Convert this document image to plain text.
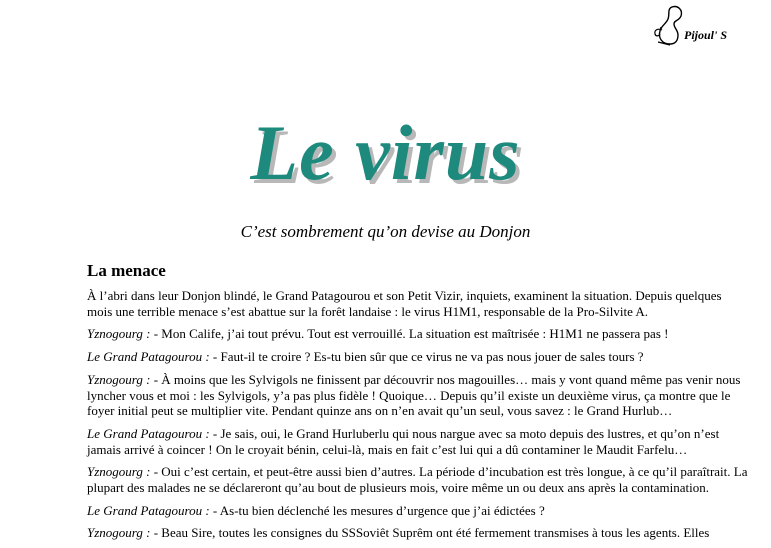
Pijoul' S
Le virus
C’est sombrement qu’on devise au Donjon
La menace

À l’abri dans leur Donjon blindé, le Grand Patagourou et son Petit Vizir, inquiets, examinent la situation. Depuis quelques mois une terrible menace s’est abattue sur la forêt landaise : le virus H1M1, responsable de la Pro-Silvite A.

Yznogourg : - Mon Calife, j’ai tout prévu. Tout est verrouillé. La situation est maîtrisée : H1M1 ne passera pas !

Le Grand Patagourou : - Faut-il te croire ? Es-tu bien sûr que ce virus ne va pas nous jouer de sales tours ?

Yznogourg : - À moins que les Sylvigols ne finissent par découvrir nos magouilles… mais y vont quand même pas venir nous lyncher vous et moi : les Sylvigols, y’a pas plus fidèle ! Quoique… Depuis qu’il existe un deuxième virus, ça montre que le foyer initial peut se multiplier vite. Pendant quinze ans on n’en avait qu’un seul, vous savez : le Grand Hurlub…

Le Grand Patagourou : - Je sais, oui, le Grand Hurluberlu qui nous nargue avec sa moto depuis des lustres, et qu’on n’est jamais arrivé à coincer ! On le croyait bénin, celui-là, mais en fait c’est lui qui a dû contaminer le Maudit Farfelu…

Yznogourg : - Oui c’est certain, et peut-être aussi bien d’autres. La période d’incubation est très longue, à ce qu’il paraîtrait. La plupart des malades ne se déclareront qu’au bout de plusieurs mois, voire même un ou deux ans après la contamination.

Le Grand Patagourou : - As-tu bien déclenché les mesures d’urgence que j’ai édictées ?

Yznogourg : - Beau Sire, toutes les consignes du SSSoviêt Suprêm ont été fermement transmises à tous les agents. Elles
